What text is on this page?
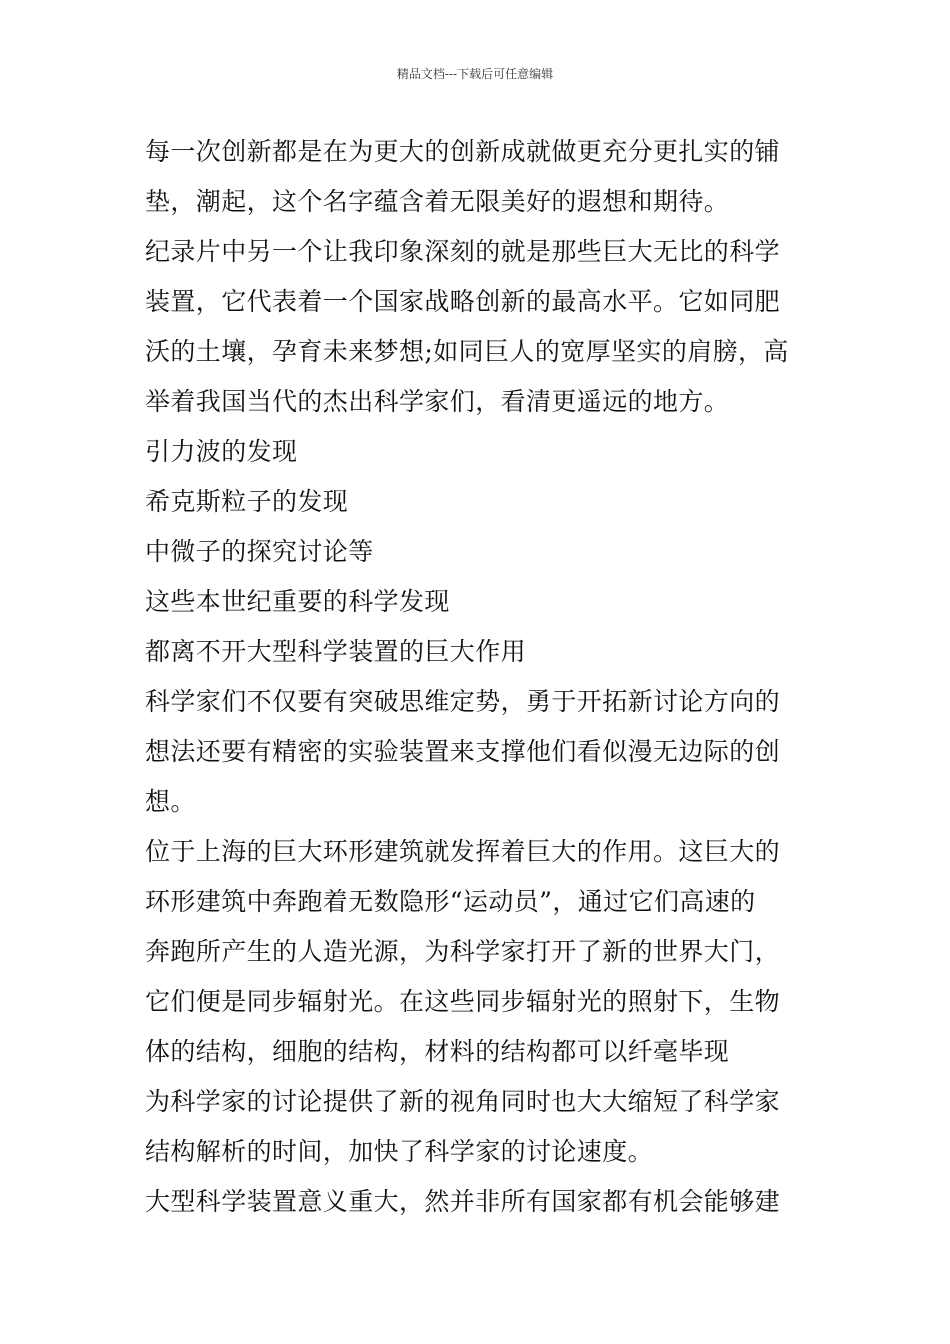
精品文档---下载后可任意编辑
每一次创新都是在为更大的创新成就做更充分更扎实的铺
垫，潮起，这个名字蕴含着无限美好的遐想和期待。
纪录片中另一个让我印象深刻的就是那些巨大无比的科学
装置，它代表着一个国家战略创新的最高水平。它如同肥
沃的土壤，孕育未来梦想;如同巨人的宽厚坚实的肩膀，高
举着我国当代的杰出科学家们，看清更遥远的地方。
引力波的发现
希克斯粒子的发现
中微子的探究讨论等
这些本世纪重要的科学发现
都离不开大型科学装置的巨大作用
科学家们不仅要有突破思维定势，勇于开拓新讨论方向的
想法还要有精密的实验装置来支撑他们看似漫无边际的创
想。
位于上海的巨大环形建筑就发挥着巨大的作用。这巨大的
环形建筑中奔跑着无数隐形“运动员”，通过它们高速的
奔跑所产生的人造光源，为科学家打开了新的世界大门，
它们便是同步辐射光。在这些同步辐射光的照射下，生物
体的结构，细胞的结构，材料的结构都可以纤毫毕现
为科学家的讨论提供了新的视角同时也大大缩短了科学家
结构解析的时间，加快了科学家的讨论速度。
大型科学装置意义重大，然并非所有国家都有机会能够建
